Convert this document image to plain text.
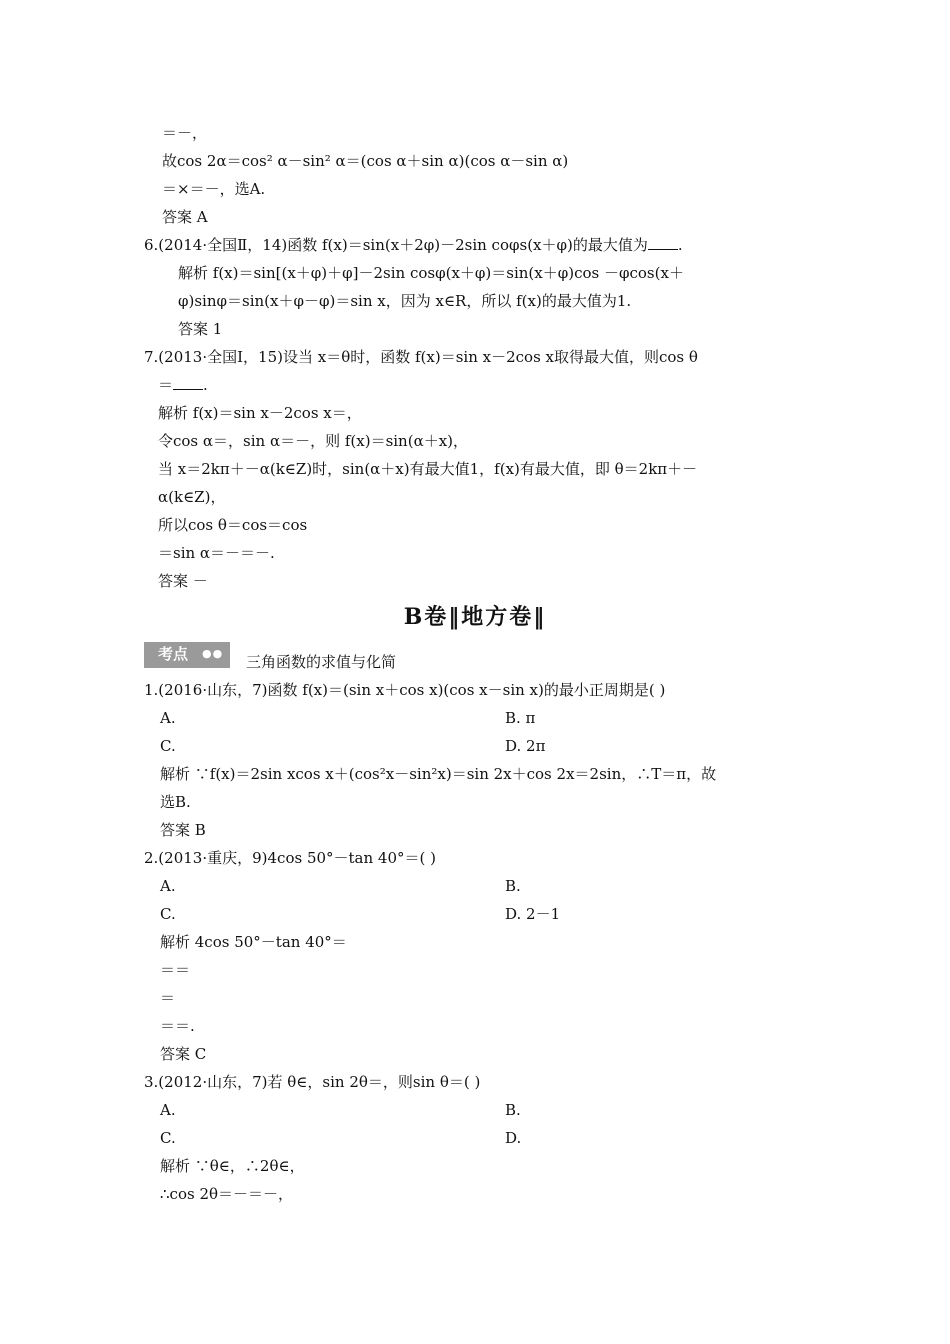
＝－，
故cos 2α＝cos² α－sin² α＝(cos α＋sin α)(cos α－sin α)
＝×＝－，选A.
答案 A
6.(2014·全国Ⅱ，14)函数 f(x)＝sin(x＋2φ)－2sin coφs(x＋φ)的最大值为 .
解析 f(x)＝sin[(x＋φ)＋φ]－2sin cosφ(x＋φ)＝sin(x＋φ)cos －φcos(x＋
φ)sinφ＝sin(x＋φ－φ)＝sin x，因为 x∈R，所以 f(x)的最大值为1.
答案 1
7.(2013·全国Ⅰ，15)设当 x＝θ时，函数 f(x)＝sin x－2cos x取得最大值，则cos θ
＝ .
解析 f(x)＝sin x－2cos x＝，
令cos α＝，sin α＝－，则 f(x)＝sin(α＋x)，
当 x＝2kπ＋－α(k∈Z)时，sin(α＋x)有最大值1，f(x)有最大值，即 θ＝2kπ＋－
α(k∈Z)，
所以cos θ＝cos＝cos
＝sin α＝－＝－.
答案 －
B卷‖地方卷‖
考点	●● 三角函数的求值与化简
1.(2016·山东，7)函数 f(x)＝(sin x＋cos x)(cos x－sin x)的最小正周期是( )
A.	B. π
C.	D. 2π
解析 ∵f(x)＝2sin xcos x＋(cos²x－sin²x)＝sin 2x＋cos 2x＝2sin，∴T＝π，故
选B.
答案 B
2.(2013·重庆，9)4cos 50°－tan 40°＝( )
A.	B.
C.	D. 2－1
解析 4cos 50°－tan 40°＝
＝＝
＝
＝＝.
答案 C
3.(2012·山东，7)若 θ∈，sin 2θ＝，则sin θ＝( )
A.	B.
C.	D.
解析 ∵θ∈，∴2θ∈，
∴cos 2θ＝－＝－，
